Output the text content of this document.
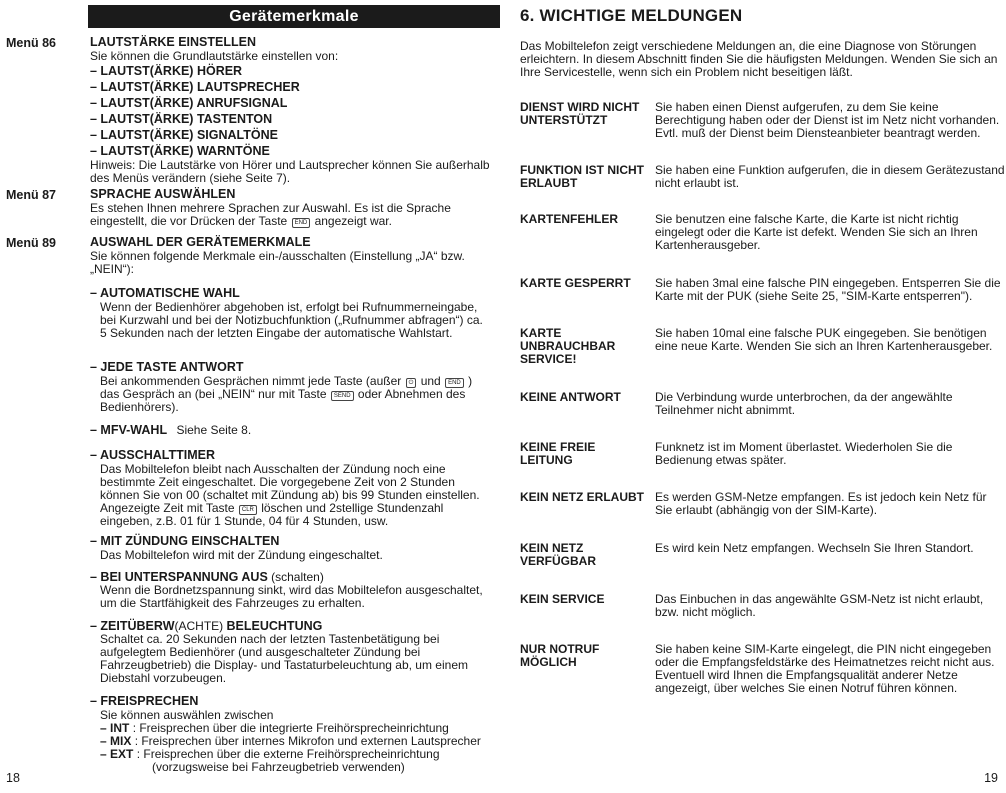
Gerätemerkmale
Menü 86	LAUTSTÄRKE EINSTELLEN
Sie können die Grundlautstärke einstellen von:
– LAUTST(ÄRKE) HÖRER
– LAUTST(ÄRKE) LAUTSPRECHER
– LAUTST(ÄRKE) ANRUFSIGNAL
– LAUTST(ÄRKE) TASTENTON
– LAUTST(ÄRKE) SIGNALTÖNE
– LAUTST(ÄRKE) WARNTÖNE
Hinweis: Die Lautstärke von Hörer und Lautsprecher können Sie außerhalb des Menüs verändern (siehe Seite 7).
Menü 87	SPRACHE AUSWÄHLEN
Es stehen Ihnen mehrere Sprachen zur Auswahl. Es ist die Sprache eingestellt, die vor Drücken der Taste END angezeigt war.
Menü 89	AUSWAHL DER GERÄTEMERKMALE
Sie können folgende Merkmale ein-/ausschalten (Einstellung „JA“ bzw. „NEIN“):
– AUTOMATISCHE WAHL
Wenn der Bedienhörer abgehoben ist, erfolgt bei Rufnummerneingabe, bei Kurzwahl und bei der Notizbuchfunktion („Rufnummer abfragen“) ca. 5 Sekunden nach der letzten Eingabe der automatische Wahlstart.
– JEDE TASTE ANTWORT
Bei ankommenden Gesprächen nimmt jede Taste (außer ⏻ und END ) das Gespräch an (bei „NEIN“ nur mit Taste SEND oder Abnehmen des Bedienhörers).
– MFV-WAHL Siehe Seite 8.
– AUSSCHALTTIMER
Das Mobiltelefon bleibt nach Ausschalten der Zündung noch eine bestimmte Zeit eingeschaltet. Die vorgegebene Zeit von 2 Stunden können Sie von 00 (schaltet mit Zündung ab) bis 99 Stunden einstellen. Angezeigte Zeit mit Taste CLR löschen und 2stellige Stundenzahl eingeben, z.B. 01 für 1 Stunde, 04 für 4 Stunden, usw.
– MIT ZÜNDUNG EINSCHALTEN
Das Mobiltelefon wird mit der Zündung eingeschaltet.
– BEI UNTERSPANNUNG AUS (schalten)
Wenn die Bordnetzspannung sinkt, wird das Mobiltelefon ausgeschaltet, um die Startfähigkeit des Fahrzeuges zu erhalten.
– ZEITÜBERW(ACHTE) BELEUCHTUNG
Schaltet ca. 20 Sekunden nach der letzten Tastenbetätigung bei aufgelegtem Bedienhörer (und ausgeschalteter Zündung bei Fahrzeugbetrieb) die Display- und Tastaturbeleuchtung ab, um einem Diebstahl vorzubeugen.
– FREISPRECHEN
Sie können auswählen zwischen
– INT : Freisprechen über die integrierte Freihörsprecheinrichtung
– MIX : Freisprechen über internes Mikrofon und externen Lautsprecher
– EXT : Freisprechen über die externe Freihörsprecheinrichtung
(vorzugsweise bei Fahrzeugbetrieb verwenden)
18
6. WICHTIGE MELDUNGEN
Das Mobiltelefon zeigt verschiedene Meldungen an, die eine Diagnose von Störungen erleichtern. In diesem Abschnitt finden Sie die häufigsten Meldungen. Wenden Sie sich an Ihre Servicestelle, wenn sich ein Problem nicht beseitigen läßt.
DIENST WIRD NICHT UNTERSTÜTZT
Sie haben einen Dienst aufgerufen, zu dem Sie keine Berechtigung haben oder der Dienst ist im Netz nicht vorhanden. Evtl. muß der Dienst beim Diensteanbieter beantragt werden.
FUNKTION IST NICHT ERLAUBT
Sie haben eine Funktion aufgerufen, die in diesem Gerätezustand nicht erlaubt ist.
KARTENFEHLER	Sie benutzen eine falsche Karte, die Karte ist nicht richtig eingelegt oder die Karte ist defekt. Wenden Sie sich an Ihren Kartenherausgeber.
KARTE GESPERRT	Sie haben 3mal eine falsche PIN eingegeben. Entsperren Sie die Karte mit der PUK (siehe Seite 25, "SIM-Karte entsperren").
KARTE UNBRAUCHBAR SERVICE!
Sie haben 10mal eine falsche PUK eingegeben. Sie benötigen eine neue Karte. Wenden Sie sich an Ihren Kartenherausgeber.
KEINE ANTWORT	Die Verbindung wurde unterbrochen, da der angewählte Teilnehmer nicht abnimmt.
KEINE FREIE LEITUNG
Funknetz ist im Moment überlastet. Wiederholen Sie die Bedienung etwas später.
KEIN NETZ ERLAUBT Es werden GSM-Netze empfangen. Es ist jedoch kein Netz für Sie erlaubt (abhängig von der SIM-Karte).
KEIN NETZ VERFÜGBAR
Es wird kein Netz empfangen. Wechseln Sie Ihren Standort.
KEIN SERVICE	Das Einbuchen in das angewählte GSM-Netz ist nicht erlaubt, bzw. nicht möglich.
NUR NOTRUF MÖGLICH
Sie haben keine SIM-Karte eingelegt, die PIN nicht eingegeben oder die Empfangsfeldstärke des Heimatnetzes reicht nicht aus. Eventuell wird Ihnen die Empfangsqualität anderer Netze angezeigt, über welches Sie einen Notruf führen können.
19
